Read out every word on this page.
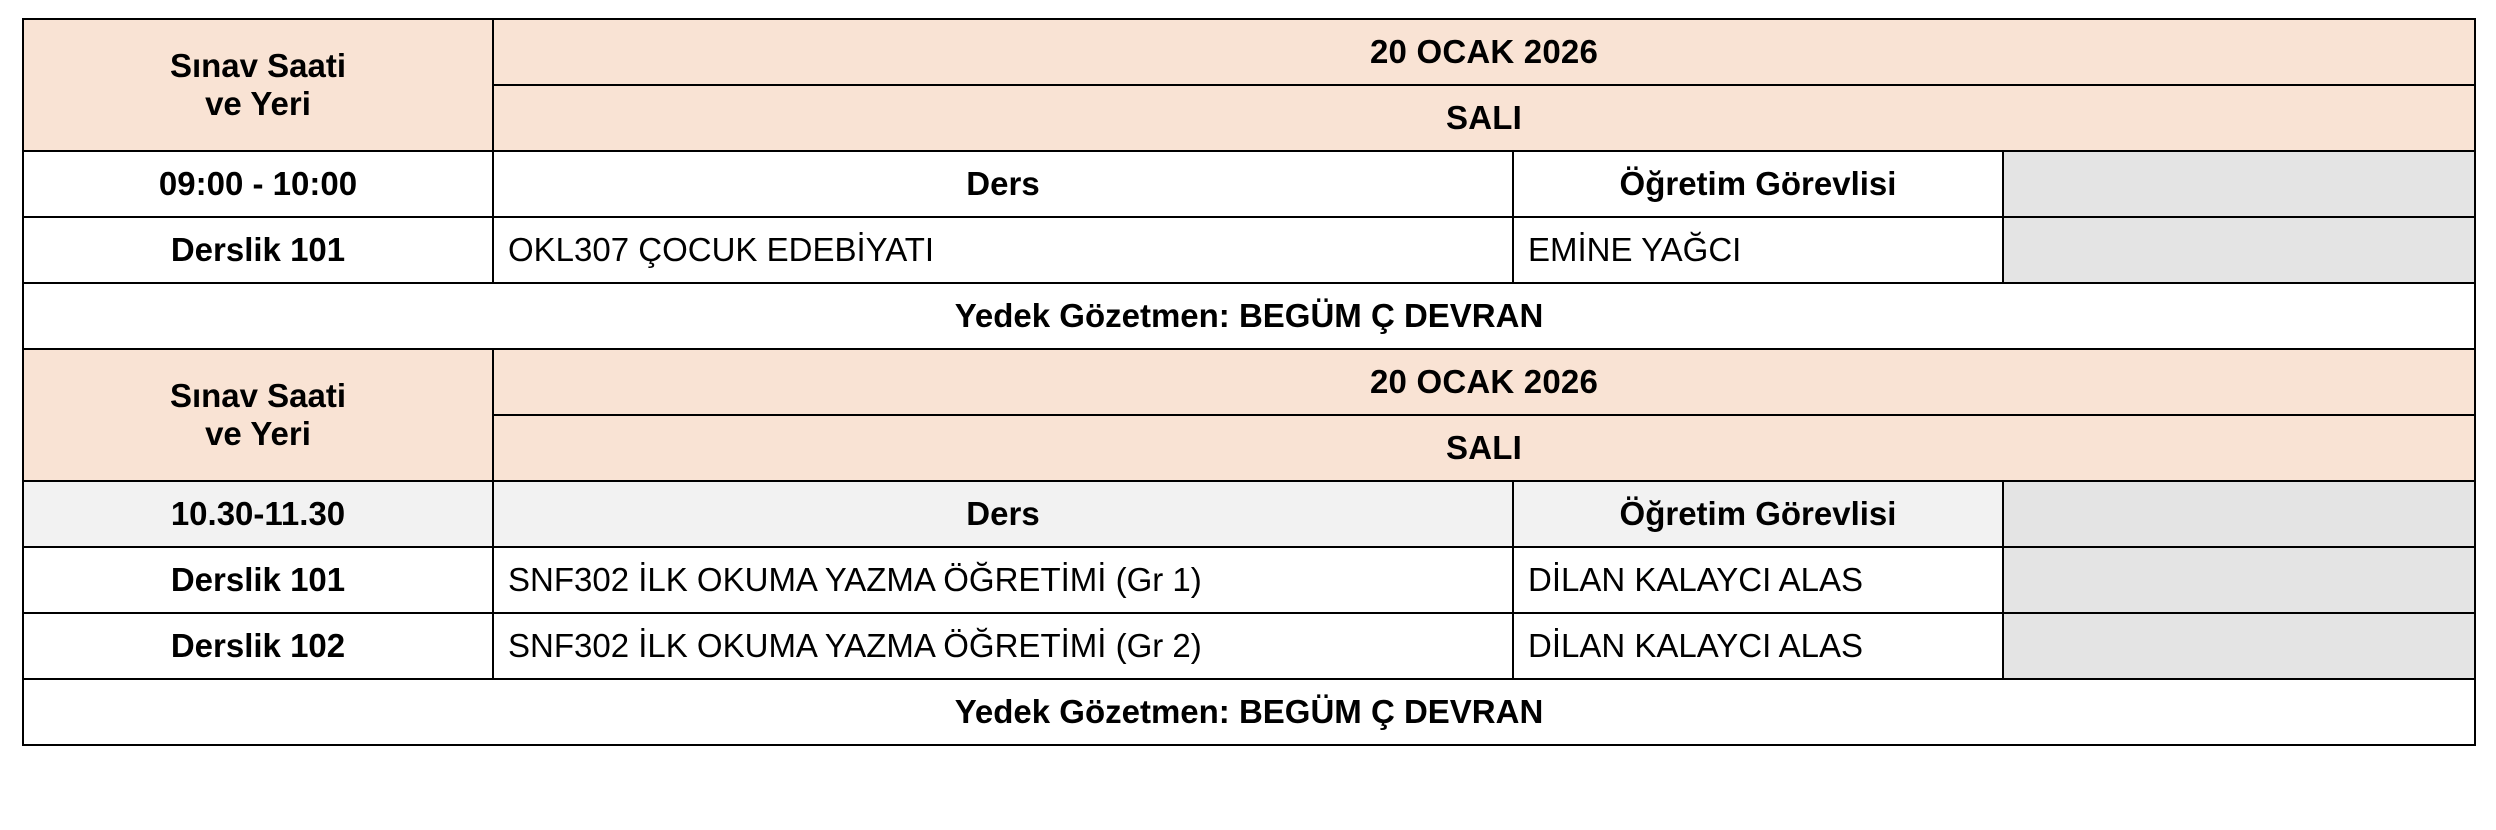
Sınav Saati
ve Yeri	20 OCAK 2026		
	SALI		
09:00 - 10:00	Ders	Öğretim Görevlisi	
Derslik 101	OKL307 ÇOCUK EDEBİYATI	EMİNE YAĞCI	
Yedek Gözetmen: BEGÜM Ç DEVRAN			
Sınav Saati
ve Yeri	20 OCAK 2026		
	SALI		
10.30-11.30	Ders	Öğretim Görevlisi	
Derslik 101	SNF302 İLK OKUMA YAZMA ÖĞRETİMİ (Gr 1)	DİLAN KALAYCI ALAS	
Derslik 102	SNF302 İLK OKUMA YAZMA ÖĞRETİMİ (Gr 2)	DİLAN KALAYCI ALAS	
Yedek Gözetmen: BEGÜM Ç DEVRAN			
